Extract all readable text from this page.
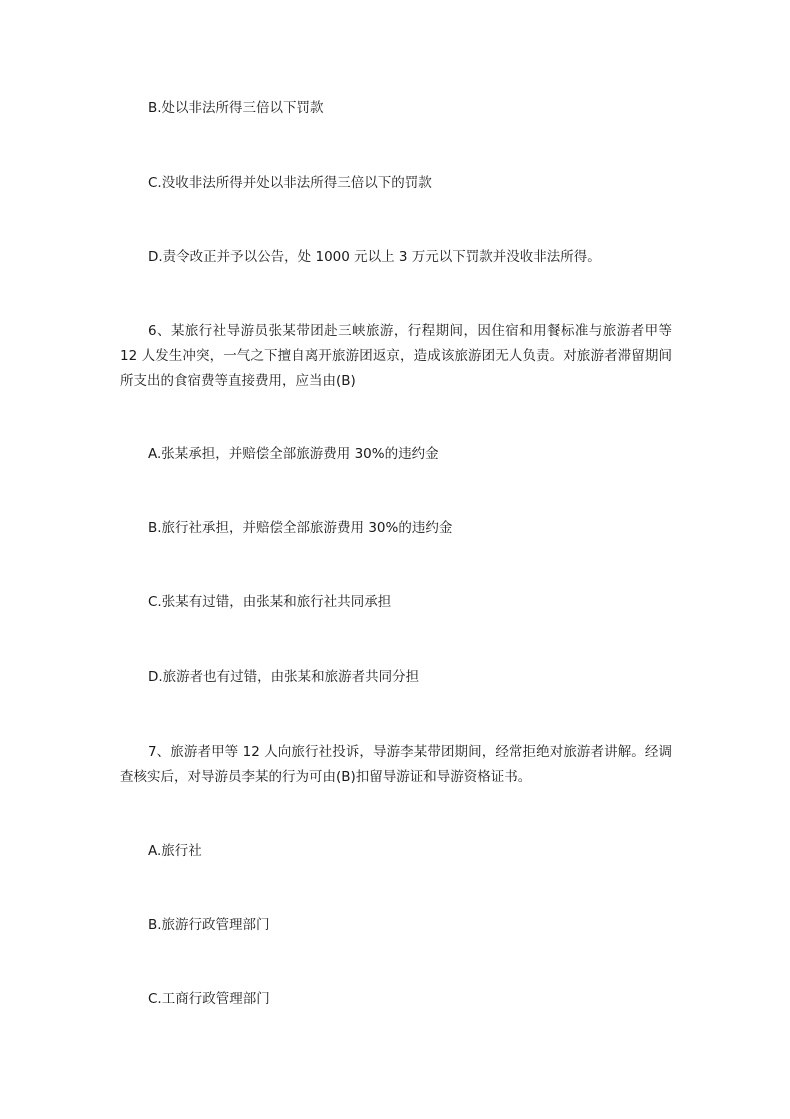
B.处以非法所得三倍以下罚款
C.没收非法所得并处以非法所得三倍以下的罚款
D.责令改正并予以公告，处 1000 元以上 3 万元以下罚款并没收非法所得。
6、某旅行社导游员张某带团赴三峡旅游，行程期间，因住宿和用餐标准与旅游者甲等 12 人发生冲突，一气之下擅自离开旅游团返京，造成该旅游团无人负责。对旅游者滞留期间所支出的食宿费等直接费用，应当由(B)
A.张某承担，并赔偿全部旅游费用 30%的违约金
B.旅行社承担，并赔偿全部旅游费用 30%的违约金
C.张某有过错，由张某和旅行社共同承担
D.旅游者也有过错，由张某和旅游者共同分担
7、旅游者甲等 12 人向旅行社投诉，导游李某带团期间，经常拒绝对旅游者讲解。经调查核实后，对导游员李某的行为可由(B)扣留导游证和导游资格证书。
A.旅行社
B.旅游行政管理部门
C.工商行政管理部门
